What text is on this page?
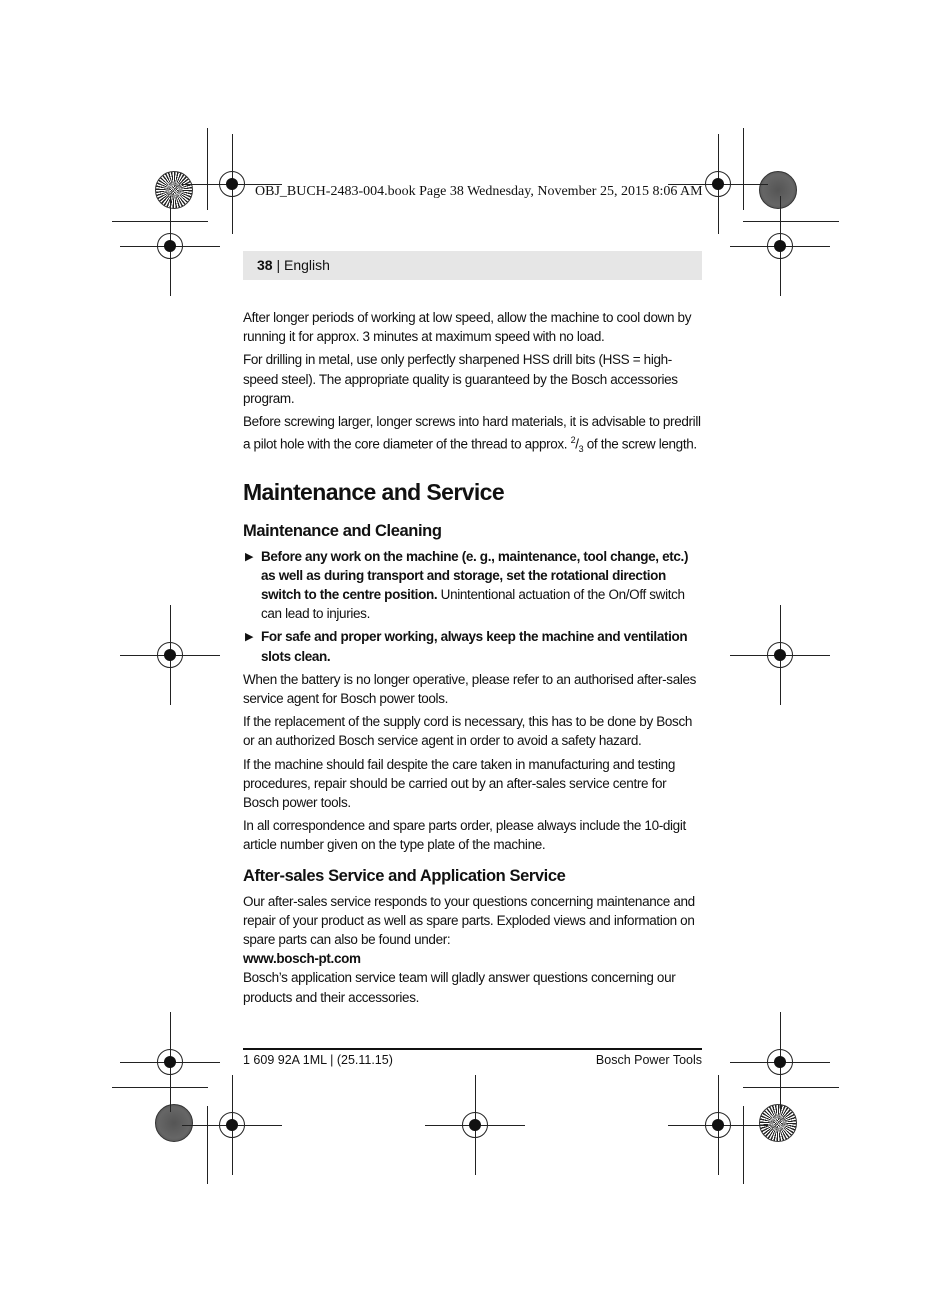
OBJ_BUCH-2483-004.book Page 38 Wednesday, November 25, 2015 8:06 AM
38 | English

After longer periods of working at low speed, allow the machine to cool down by running it for approx. 3 minutes at maximum speed with no load.

For drilling in metal, use only perfectly sharpened HSS drill bits (HSS = high-speed steel). The appropriate quality is guaranteed by the Bosch accessories program.

Before screwing larger, longer screws into hard materials, it is advisable to predrill a pilot hole with the core diameter of the thread to approx. $^2/_3$ of the screw length.

Maintenance and Service
Maintenance and Cleaning
▶ Before any work on the machine (e. g., maintenance, tool change, etc.) as well as during transport and storage, set the rotational direction switch to the centre position. Unintentional actuation of the On/Off switch can lead to injuries.
▶ For safe and proper working, always keep the machine and ventilation slots clean.

When the battery is no longer operative, please refer to an authorised after-sales service agent for Bosch power tools.

If the replacement of the supply cord is necessary, this has to be done by Bosch or an authorized Bosch service agent in order to avoid a safety hazard.

If the machine should fail despite the care taken in manufacturing and testing procedures, repair should be carried out by an after-sales service centre for Bosch power tools.

In all correspondence and spare parts order, please always include the 10-digit article number given on the type plate of the machine.

After-sales Service and Application Service

Our after-sales service responds to your questions concerning maintenance and repair of your product as well as spare parts. Exploded views and information on spare parts can also be found under:

www.bosch-pt.com

Bosch’s application service team will gladly answer questions concerning our products and their accessories.

1 609 92A 1ML | (25.11.15)	Bosch Power Tools
